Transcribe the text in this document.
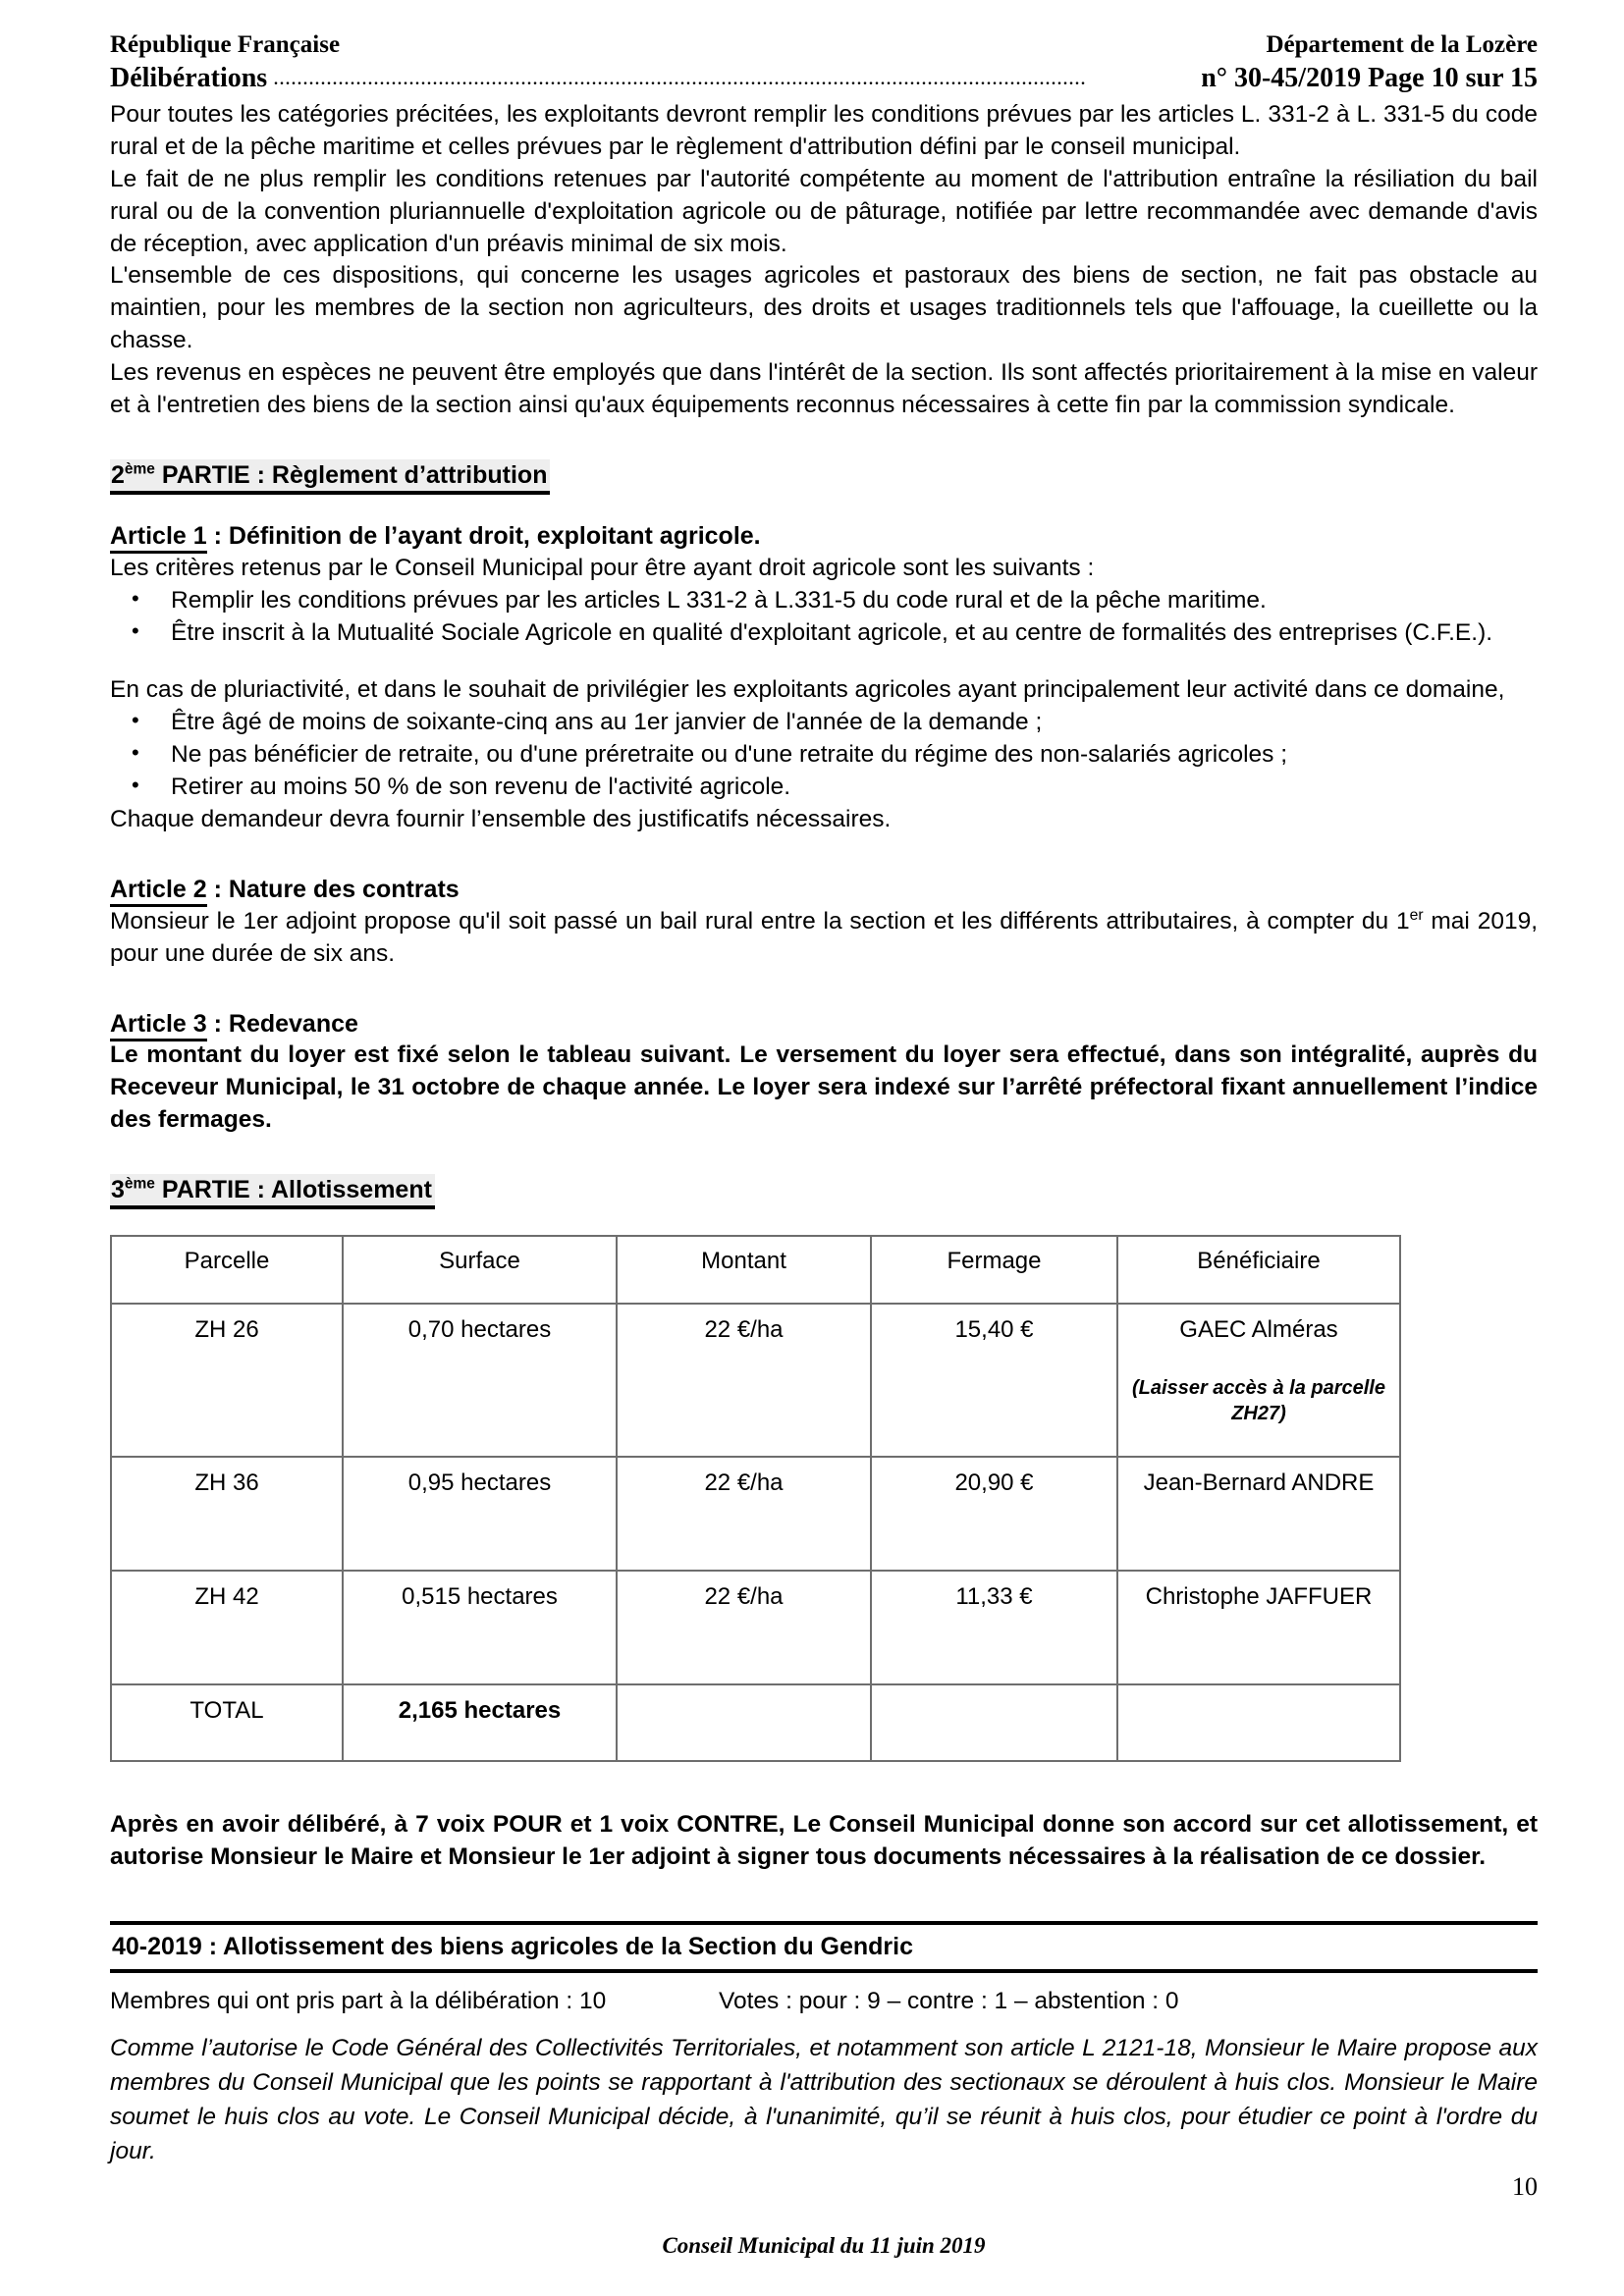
République Française	Département de la Lozère
Délibérations ..........................................................................................................................................	n° 30-45/2019 Page 10 sur 15

Pour toutes les catégories précitées, les exploitants devront remplir les conditions prévues par les articles L. 331-2 à L. 331-5 du code rural et de la pêche maritime et celles prévues par le règlement d'attribution défini par le conseil municipal.

Le fait de ne plus remplir les conditions retenues par l'autorité compétente au moment de l'attribution entraîne la résiliation du bail rural ou de la convention pluriannuelle d'exploitation agricole ou de pâturage, notifiée par lettre recommandée avec demande d'avis de réception, avec application d'un préavis minimal de six mois.

L'ensemble de ces dispositions, qui concerne les usages agricoles et pastoraux des biens de section, ne fait pas obstacle au maintien, pour les membres de la section non agriculteurs, des droits et usages traditionnels tels que l'affouage, la cueillette ou la chasse.

Les revenus en espèces ne peuvent être employés que dans l'intérêt de la section. Ils sont affectés prioritairement à la mise en valeur et à l'entretien des biens de la section ainsi qu'aux équipements reconnus nécessaires à cette fin par la commission syndicale.

2ème PARTIE : Règlement d’attribution

Article 1 : Définition de l’ayant droit, exploitant agricole.

Les critères retenus par le Conseil Municipal pour être ayant droit agricole sont les suivants :

• Remplir les conditions prévues par les articles L 331-2 à L.331-5 du code rural et de la pêche maritime.
• Être inscrit à la Mutualité Sociale Agricole en qualité d'exploitant agricole, et au centre de formalités des entreprises (C.F.E.).

En cas de pluriactivité, et dans le souhait de privilégier les exploitants agricoles ayant principalement leur activité dans ce domaine,

• Être âgé de moins de soixante-cinq ans au 1er janvier de l'année de la demande ;
• Ne pas bénéficier de retraite, ou d'une préretraite ou d'une retraite du régime des non-salariés agricoles ;
• Retirer au moins 50 % de son revenu de l'activité agricole.

Chaque demandeur devra fournir l’ensemble des justificatifs nécessaires.

Article 2 : Nature des contrats

Monsieur le 1er adjoint propose qu'il soit passé un bail rural entre la section et les différents attributaires, à compter du 1er mai 2019, pour une durée de six ans.

Article 3 : Redevance

Le montant du loyer est fixé selon le tableau suivant. Le versement du loyer sera effectué, dans son intégralité, auprès du Receveur Municipal, le 31 octobre de chaque année. Le loyer sera indexé sur l’arrêté préfectoral fixant annuellement l’indice des fermages.

3ème PARTIE : Allotissement
Parcelle	Surface	Montant	Fermage	Bénéficiaire
ZH 26	0,70 hectares	22 €/ha	15,40 €	GAEC Alméras
(Laisser accès à la parcelle ZH27)

ZH 36	0,95 hectares	22 €/ha	20,90 €	Jean-Bernard ANDRE
ZH 42	0,515 hectares	22 €/ha	11,33 €	Christophe JAFFUER
TOTAL	2,165 hectares			

Après en avoir délibéré, à 7 voix POUR et 1 voix CONTRE, Le Conseil Municipal donne son accord sur cet allotissement, et autorise Monsieur le Maire et Monsieur le 1er adjoint à signer tous documents nécessaires à la réalisation de ce dossier.

40-2019 : Allotissement des biens agricoles de la Section du Gendric
Membres qui ont pris part à la délibération : 10	Votes : pour : 9 – contre : 1 – abstention : 0

Comme l’autorise le Code Général des Collectivités Territoriales, et notamment son article L 2121-18, Monsieur le Maire propose aux membres du Conseil Municipal que les points se rapportant à l'attribution des sectionaux se déroulent à huis clos. Monsieur le Maire soumet le huis clos au vote. Le Conseil Municipal décide, à l'unanimité, qu’il se réunit à huis clos, pour étudier ce point à l'ordre du jour.

10
Conseil Municipal du 11 juin 2019
